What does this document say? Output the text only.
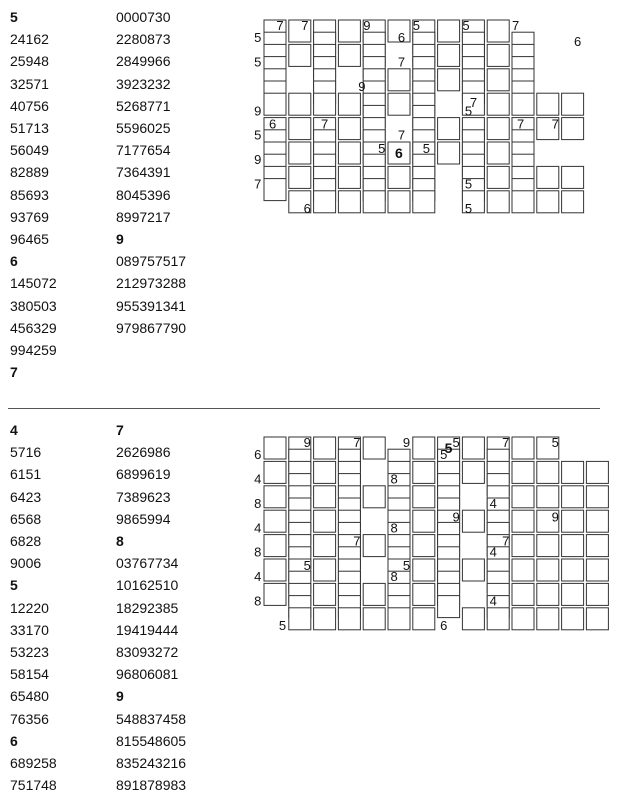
5
24162
25948
32571
40756
51713
56049
82889
85693
93769
96465
6
145072
380503
456329
994259
7
0000730
2280873
2849966
3923232
5268771
5596025
7177654
7364391
8045396
8997217
9
089757517
212973288
955391341
979867790
4
5716
6151
6423
6568
6828
9006
5
12220
33170
53223
58154
65480
76356
6
689258
751748
7
2626986
6899619
7389623
9865994
8
03767734
10162510
18292385
19419444
83093272
96806081
9
548837458
815548605
835243216
891878983
6
7 7	9	5	5	7
5	6	6
5	7
9
7
9	5
6	7
5	7
7 7
5	5
9
7	5
6	5
5
9	7	9	5	7	5
6	5
4	8
8	4
9	9
4	8
7	7
8	4
5	5
4	8
8	4
5	6
